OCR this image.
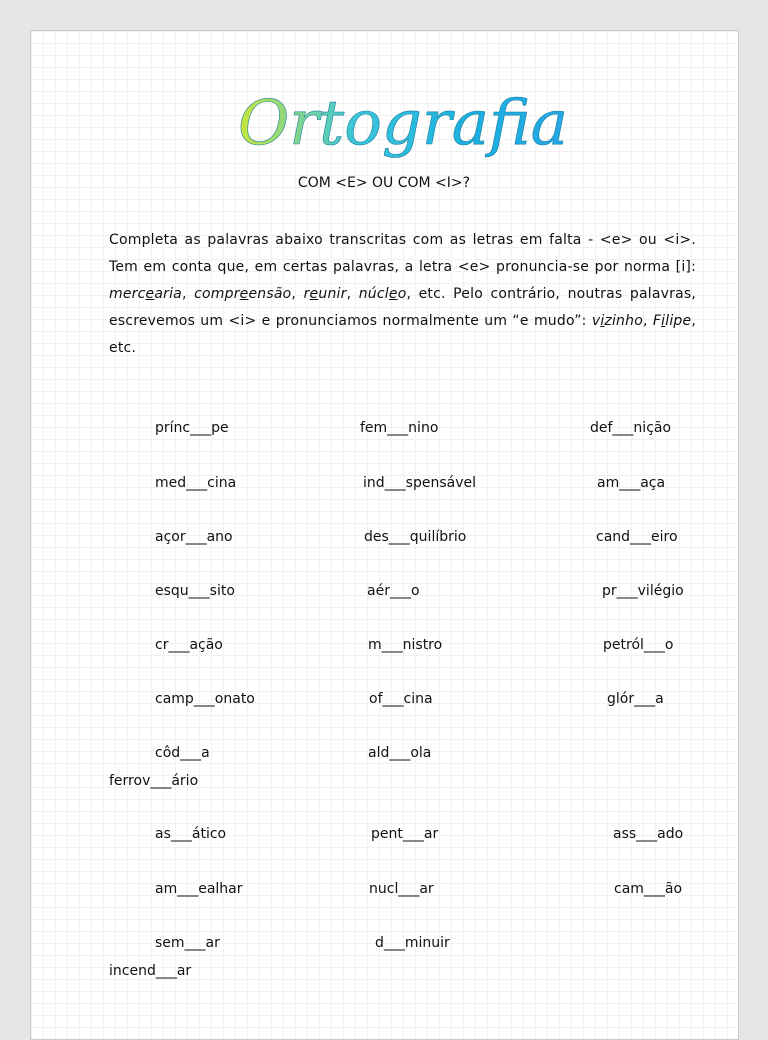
Ortografia
COM <E> OU COM <I>?

Completa as palavras abaixo transcritas com as letras em falta - <e> ou <i>. Tem em conta que, em certas palavras, a letra <e> pronuncia-se por norma [i]: mercearia, compreensão, reunir, núcleo, etc. Pelo contrário, noutras palavras, escrevemos um <i> e pronunciamos normalmente um “e mudo”: vizinho, Filipe, etc.

prínc___pe	fem___nino	def___nição
med___cina	ind___spensável	am___aça
açor___ano	des___quilíbrio	cand___eiro
esqu___sito	aér___o	pr___vilégio
cr___ação	m___nistro	petról___o
camp___onato	of___cina	glór___a
côd___a	ald___ola
ferrov___ário
as___ático	pent___ar	ass___ado
am___ealhar	nucl___ar	cam___ão
sem___ar	d___minuir
incend___ar
